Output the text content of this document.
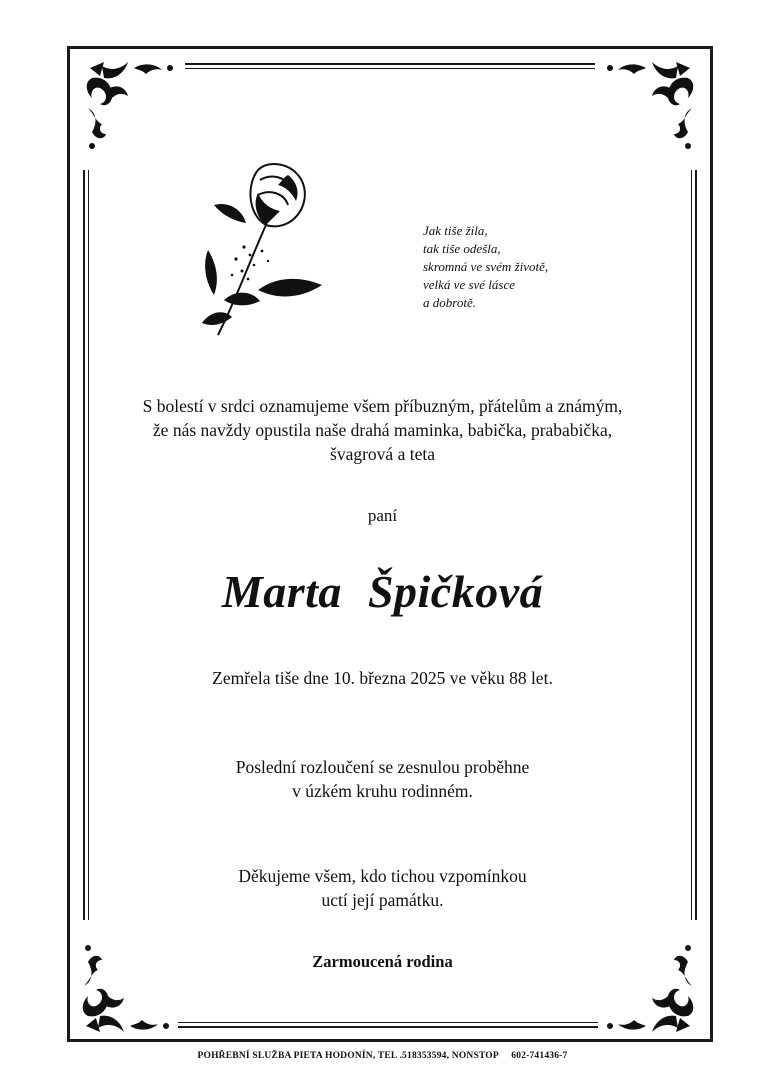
Jak tiše žila,
tak tiše odešla,
skromná ve svém životě,
velká ve své lásce
a dobrotě.
S bolestí v srdci oznamujeme všem příbuzným, přátelům a známým,
že nás navždy opustila naše drahá maminka, babička, prababička,
švagrová a teta
paní
Marta Špičková
Zemřela tiše dne 10. března 2025 ve věku 88 let.
Poslední rozloučení se zesnulou proběhne
v úzkém kruhu rodinném.
Děkujeme všem, kdo tichou vzpomínkou
uctí její památku.
Zarmoucená rodina
POHŘEBNÍ SLUŽBA PIETA HODONÍN, TEL .518353594, NONSTOP     602-741436-7
